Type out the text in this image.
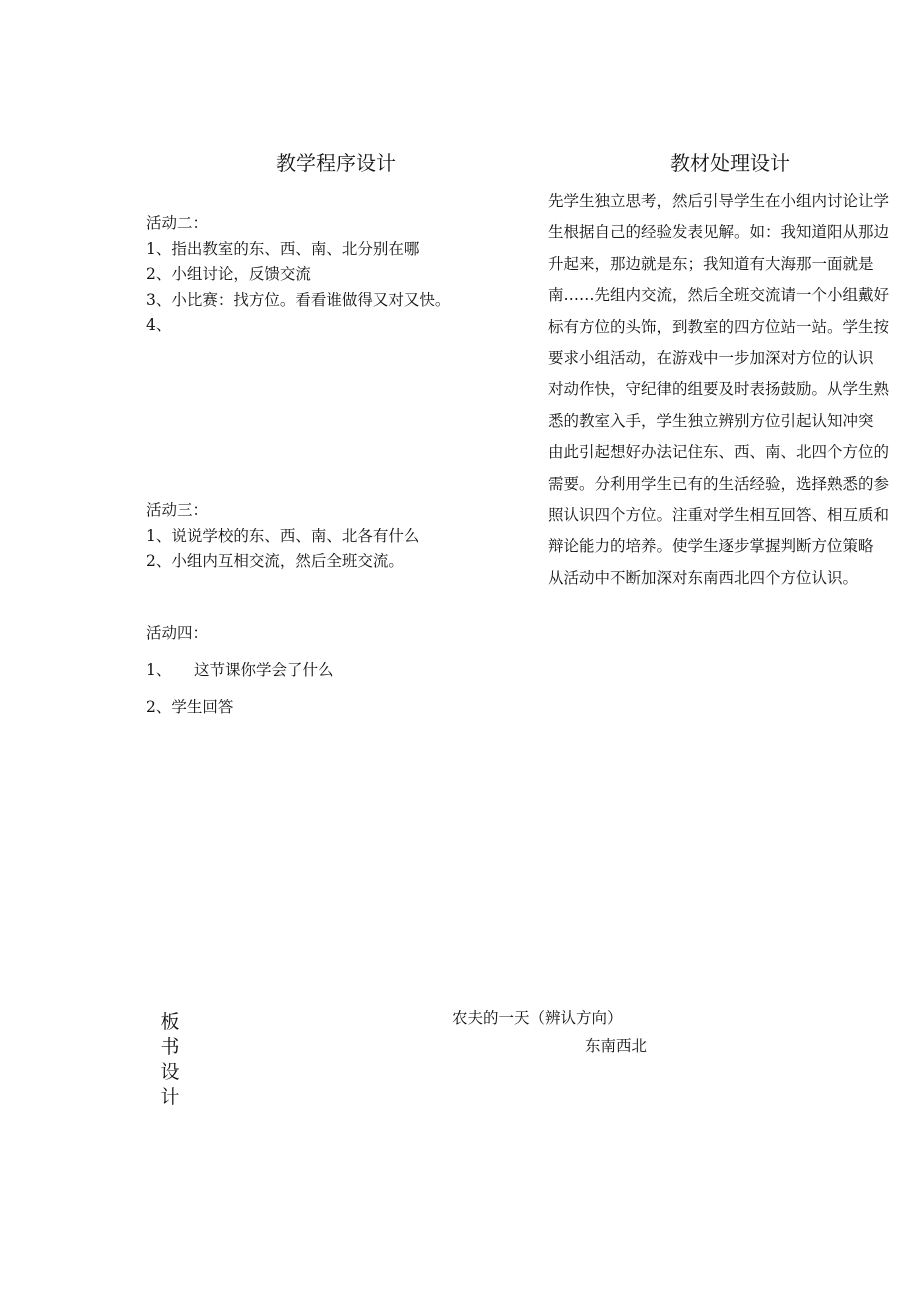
教学程序设计	教材处理设计
活动二：
1、指出教室的东、西、南、北分别在哪
2、小组讨论，反馈交流
3、小比赛：找方位。看看谁做得又对又快。
4、
活动三：
1、说说学校的东、西、南、北各有什么
2、小组内互相交流，然后全班交流。
活动四：
1、 这节课你学会了什么
2、学生回答
先学生独立思考，然后引导学生在小组内讨论让学
生根据自己的经验发表见解。如：我知道阳从那边
升起来，那边就是东；我知道有大海那一面就是
南……先组内交流，然后全班交流请一个小组戴好
标有方位的头饰，到教室的四方位站一站。学生按
要求小组活动，在游戏中一步加深对方位的认识
对动作快，守纪律的组要及时表扬鼓励。从学生熟
悉的教室入手，学生独立辨别方位引起认知冲突
由此引起想好办法记住东、西、南、北四个方位的
需要。分利用学生已有的生活经验，选择熟悉的参
照认识四个方位。注重对学生相互回答、相互质和
辩论能力的培养。使学生逐步掌握判断方位策略
从活动中不断加深对东南西北四个方位认识。
板
书
设
计
农夫的一天（辨认方向）
东南西北
